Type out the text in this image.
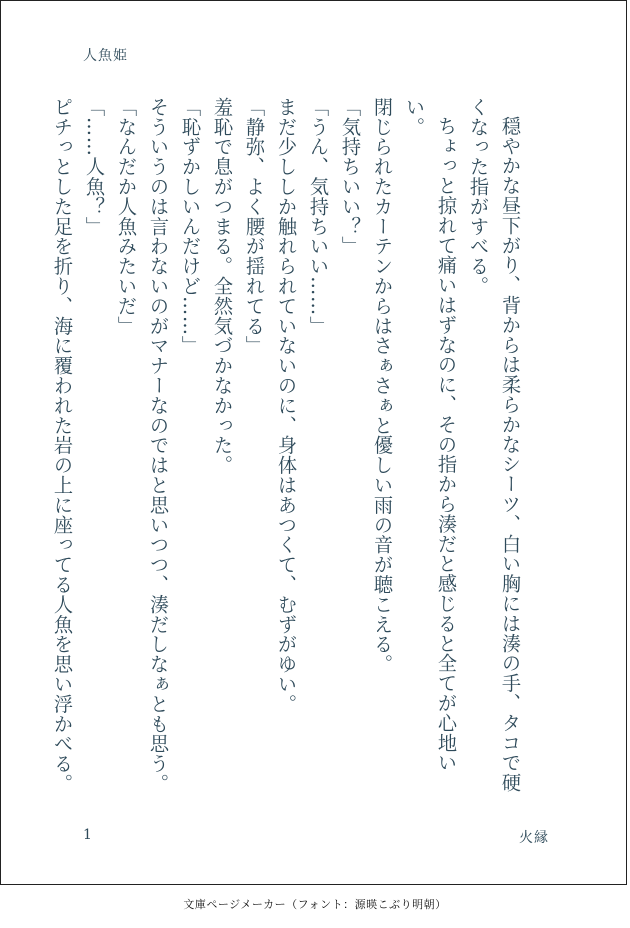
人魚姫

穏やかな昼下がり、背からは柔らかなシーツ、白い胸には湊の手、タコで硬くなった指がすべる。

ちょっと掠れて痛いはずなのに、その指から湊だと感じると全てが心地いい。

閉じられたカーテンからはさぁさぁと優しい雨の音が聴こえる。

「気持ちいい？」

「うん、気持ちいい……」

まだ少ししか触れられていないのに、身体はあつくて、むずがゆい。

「静弥、よく腰が揺れてる」

羞恥で息がつまる。全然気づかなかった。

「恥ずかしいんだけど……」

そういうのは言わないのがマナーなのではと思いつつ、湊だしなぁとも思う。

「なんだか人魚みたいだ」

「……人魚？」

ピチっとした足を折り、海に覆われた岩の上に座ってる人魚を思い浮かべる。

1	火縁
文庫ページメーカー（フォント：源暎こぶり明朝）
